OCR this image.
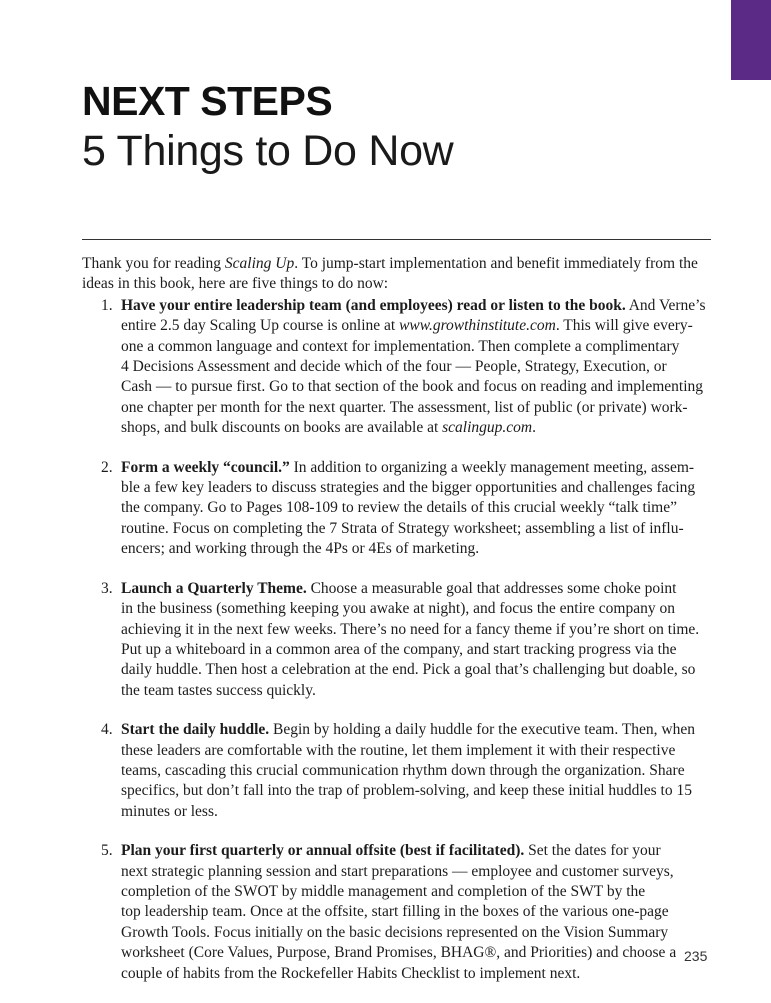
NEXT STEPS
5 Things to Do Now

Thank you for reading Scaling Up. To jump-start implementation and benefit immediately from the
ideas in this book, here are five things to do now:

1. Have your entire leadership team (and employees) read or listen to the book. And Verne’s
entire 2.5 day Scaling Up course is online at www.growthinstitute.com. This will give every-
one a common language and context for implementation. Then complete a complimentary
4 Decisions Assessment and decide which of the four — People, Strategy, Execution, or
Cash — to pursue first. Go to that section of the book and focus on reading and implementing
one chapter per month for the next quarter. The assessment, list of public (or private) work-
shops, and bulk discounts on books are available at scalingup.com.
2. Form a weekly “council.” In addition to organizing a weekly management meeting, assem-
ble a few key leaders to discuss strategies and the bigger opportunities and challenges facing
the company. Go to Pages 108-109 to review the details of this crucial weekly “talk time”
routine. Focus on completing the 7 Strata of Strategy worksheet; assembling a list of influ-
encers; and working through the 4Ps or 4Es of marketing.
3. Launch a Quarterly Theme. Choose a measurable goal that addresses some choke point
in the business (something keeping you awake at night), and focus the entire company on
achieving it in the next few weeks. There’s no need for a fancy theme if you’re short on time.
Put up a whiteboard in a common area of the company, and start tracking progress via the
daily huddle. Then host a celebration at the end. Pick a goal that’s challenging but doable, so
the team tastes success quickly.
4. Start the daily huddle. Begin by holding a daily huddle for the executive team. Then, when
these leaders are comfortable with the routine, let them implement it with their respective
teams, cascading this crucial communication rhythm down through the organization. Share
specifics, but don’t fall into the trap of problem-solving, and keep these initial huddles to 15
minutes or less.
5. Plan your first quarterly or annual offsite (best if facilitated). Set the dates for your
next strategic planning session and start preparations — employee and customer surveys,
completion of the SWOT by middle management and completion of the SWT by the
top leadership team. Once at the offsite, start filling in the boxes of the various one-page
Growth Tools. Focus initially on the basic decisions represented on the Vision Summary
worksheet (Core Values, Purpose, Brand Promises, BHAG®, and Priorities) and choose a
couple of habits from the Rockefeller Habits Checklist to implement next.
235
